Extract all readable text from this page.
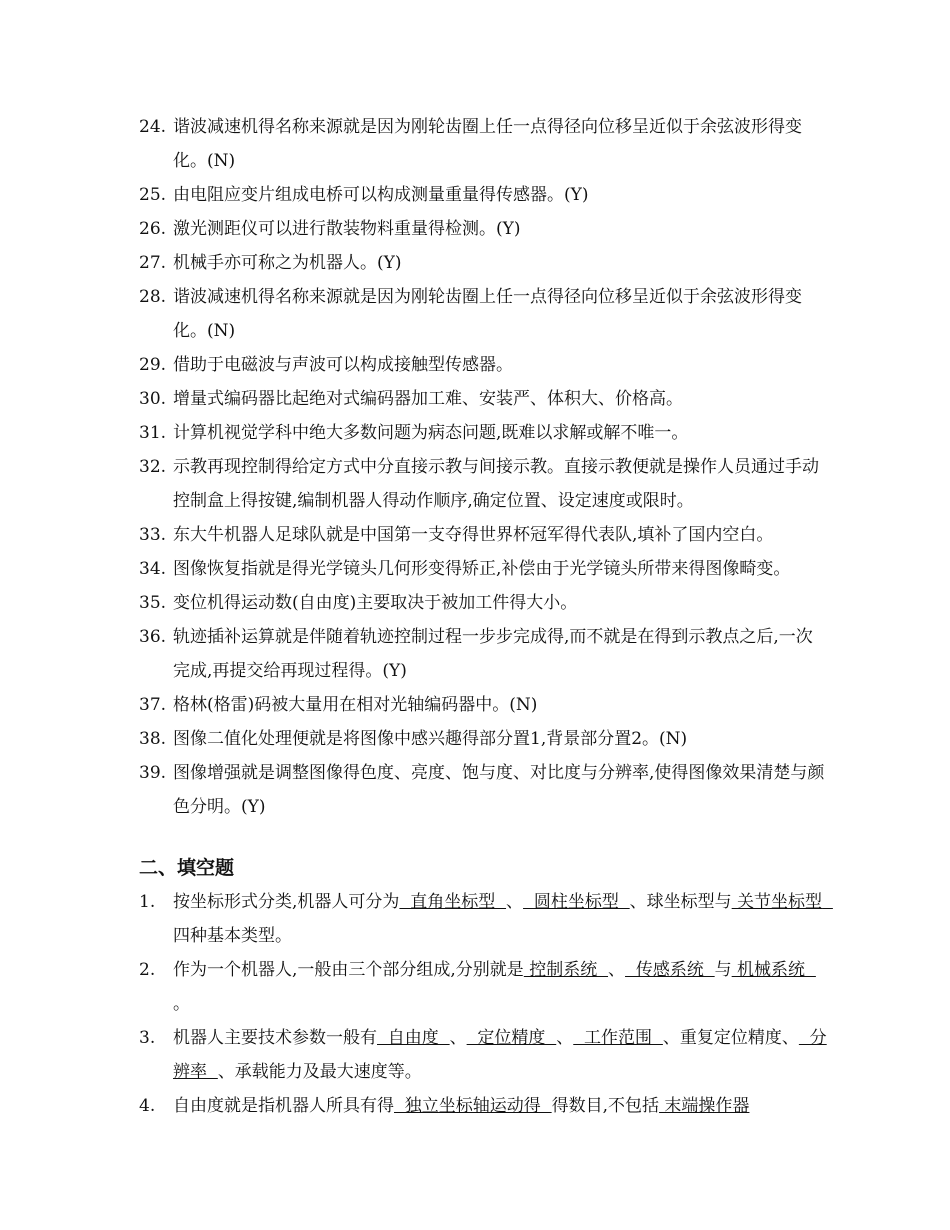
24. 谐波减速机得名称来源就是因为刚轮齿圈上任一点得径向位移呈近似于余弦波形得变化。(N)
25. 由电阻应变片组成电桥可以构成测量重量得传感器。(Y)
26. 激光测距仪可以进行散装物料重量得检测。(Y)
27. 机械手亦可称之为机器人。(Y)
28. 谐波减速机得名称来源就是因为刚轮齿圈上任一点得径向位移呈近似于余弦波形得变化。(N)
29. 借助于电磁波与声波可以构成接触型传感器。
30. 增量式编码器比起绝对式编码器加工难、安装严、体积大、价格高。
31. 计算机视觉学科中绝大多数问题为病态问题,既难以求解或解不唯一。
32. 示教再现控制得给定方式中分直接示教与间接示教。直接示教便就是操作人员通过手动控制盒上得按键,编制机器人得动作顺序,确定位置、设定速度或限时。
33. 东大牛机器人足球队就是中国第一支夺得世界杯冠军得代表队,填补了国内空白。
34. 图像恢复指就是得光学镜头几何形变得矫正,补偿由于光学镜头所带来得图像畸变。
35. 变位机得运动数(自由度)主要取决于被加工件得大小。
36. 轨迹插补运算就是伴随着轨迹控制过程一步步完成得,而不就是在得到示教点之后,一次完成,再提交给再现过程得。(Y)
37. 格林(格雷)码被大量用在相对光轴编码器中。(N)
38. 图像二值化处理便就是将图像中感兴趣得部分置1,背景部分置2。(N)
39. 图像增强就是调整图像得色度、亮度、饱与度、对比度与分辨率,使得图像效果清楚与颜色分明。(Y)
二、填空题
1.	按坐标形式分类,机器人可分为  直角坐标型  、  圆柱坐标型  、球坐标型与 关节坐标型  四种基本类型。
2.	作为一个机器人,一般由三个部分组成,分别就是 控制系统  、  传感系统  与 机械系统  。
3.	机器人主要技术参数一般有  自由度  、  定位精度  、  工作范围  、重复定位精度、  分辨率  、承载能力及最大速度等。
4.	自由度就是指机器人所具有得  独立坐标轴运动得  得数目,不包括 末端操作器
